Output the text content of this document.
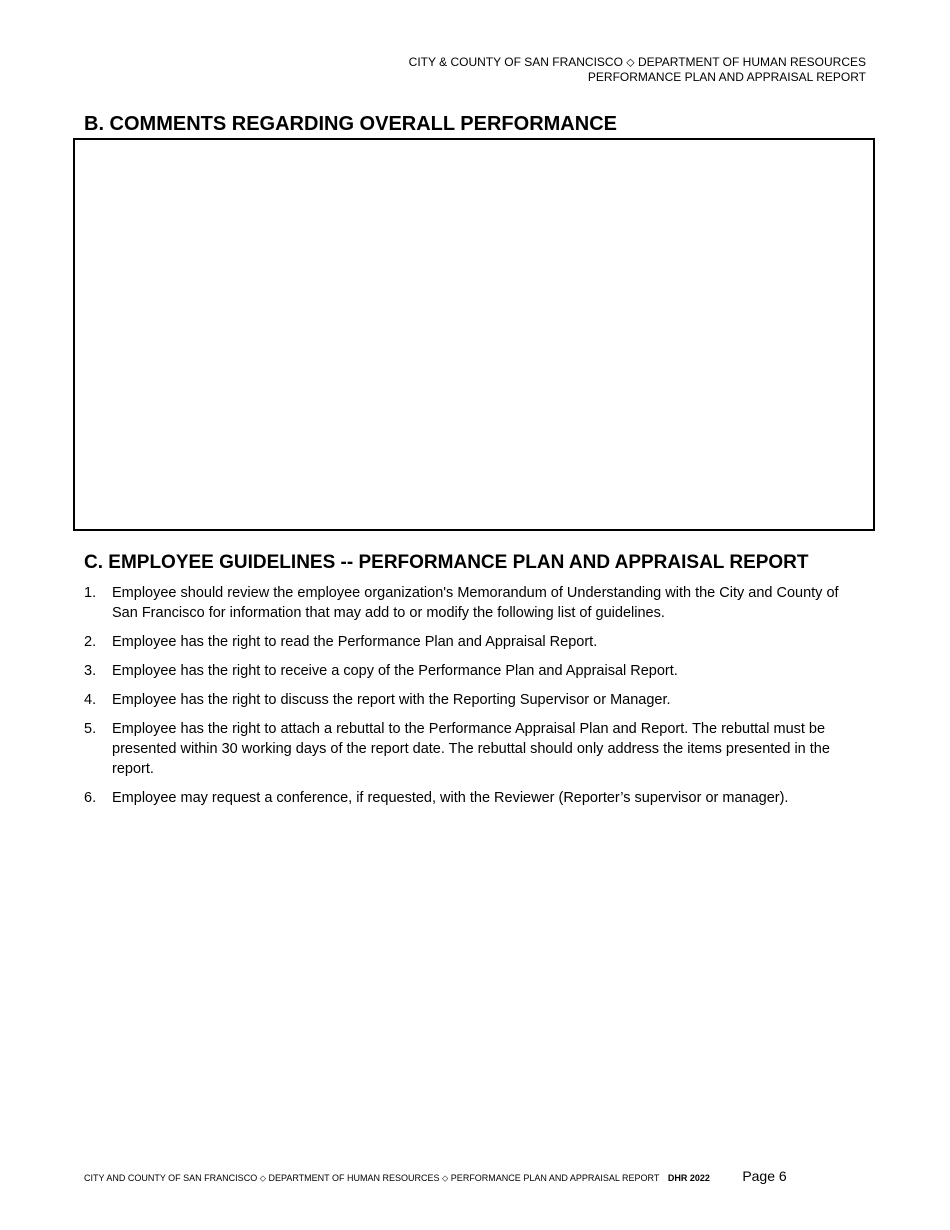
CITY & COUNTY OF SAN FRANCISCO ⬦ DEPARTMENT OF HUMAN RESOURCES
PERFORMANCE PLAN AND APPRAISAL REPORT
B. COMMENTS REGARDING OVERALL PERFORMANCE
C. EMPLOYEE GUIDELINES -- PERFORMANCE PLAN AND APPRAISAL REPORT
1.	Employee should review the employee organization's Memorandum of Understanding with the City and County of San Francisco for information that may add to or modify the following list of guidelines.
2.	Employee has the right to read the Performance Plan and Appraisal Report.
3.	Employee has the right to receive a copy of the Performance Plan and Appraisal Report.
4.	Employee has the right to discuss the report with the Reporting Supervisor or Manager.
5.	Employee has the right to attach a rebuttal to the Performance Appraisal Plan and Report. The rebuttal must be presented within 30 working days of the report date. The rebuttal should only address the items presented in the report.
6.	Employee may request a conference, if requested, with the Reviewer (Reporter’s supervisor or manager).
CITY AND COUNTY OF SAN FRANCISCO ⬦ DEPARTMENT OF HUMAN RESOURCES ⬦ PERFORMANCE PLAN AND APPRAISAL REPORT DHR 2022 Page 6
